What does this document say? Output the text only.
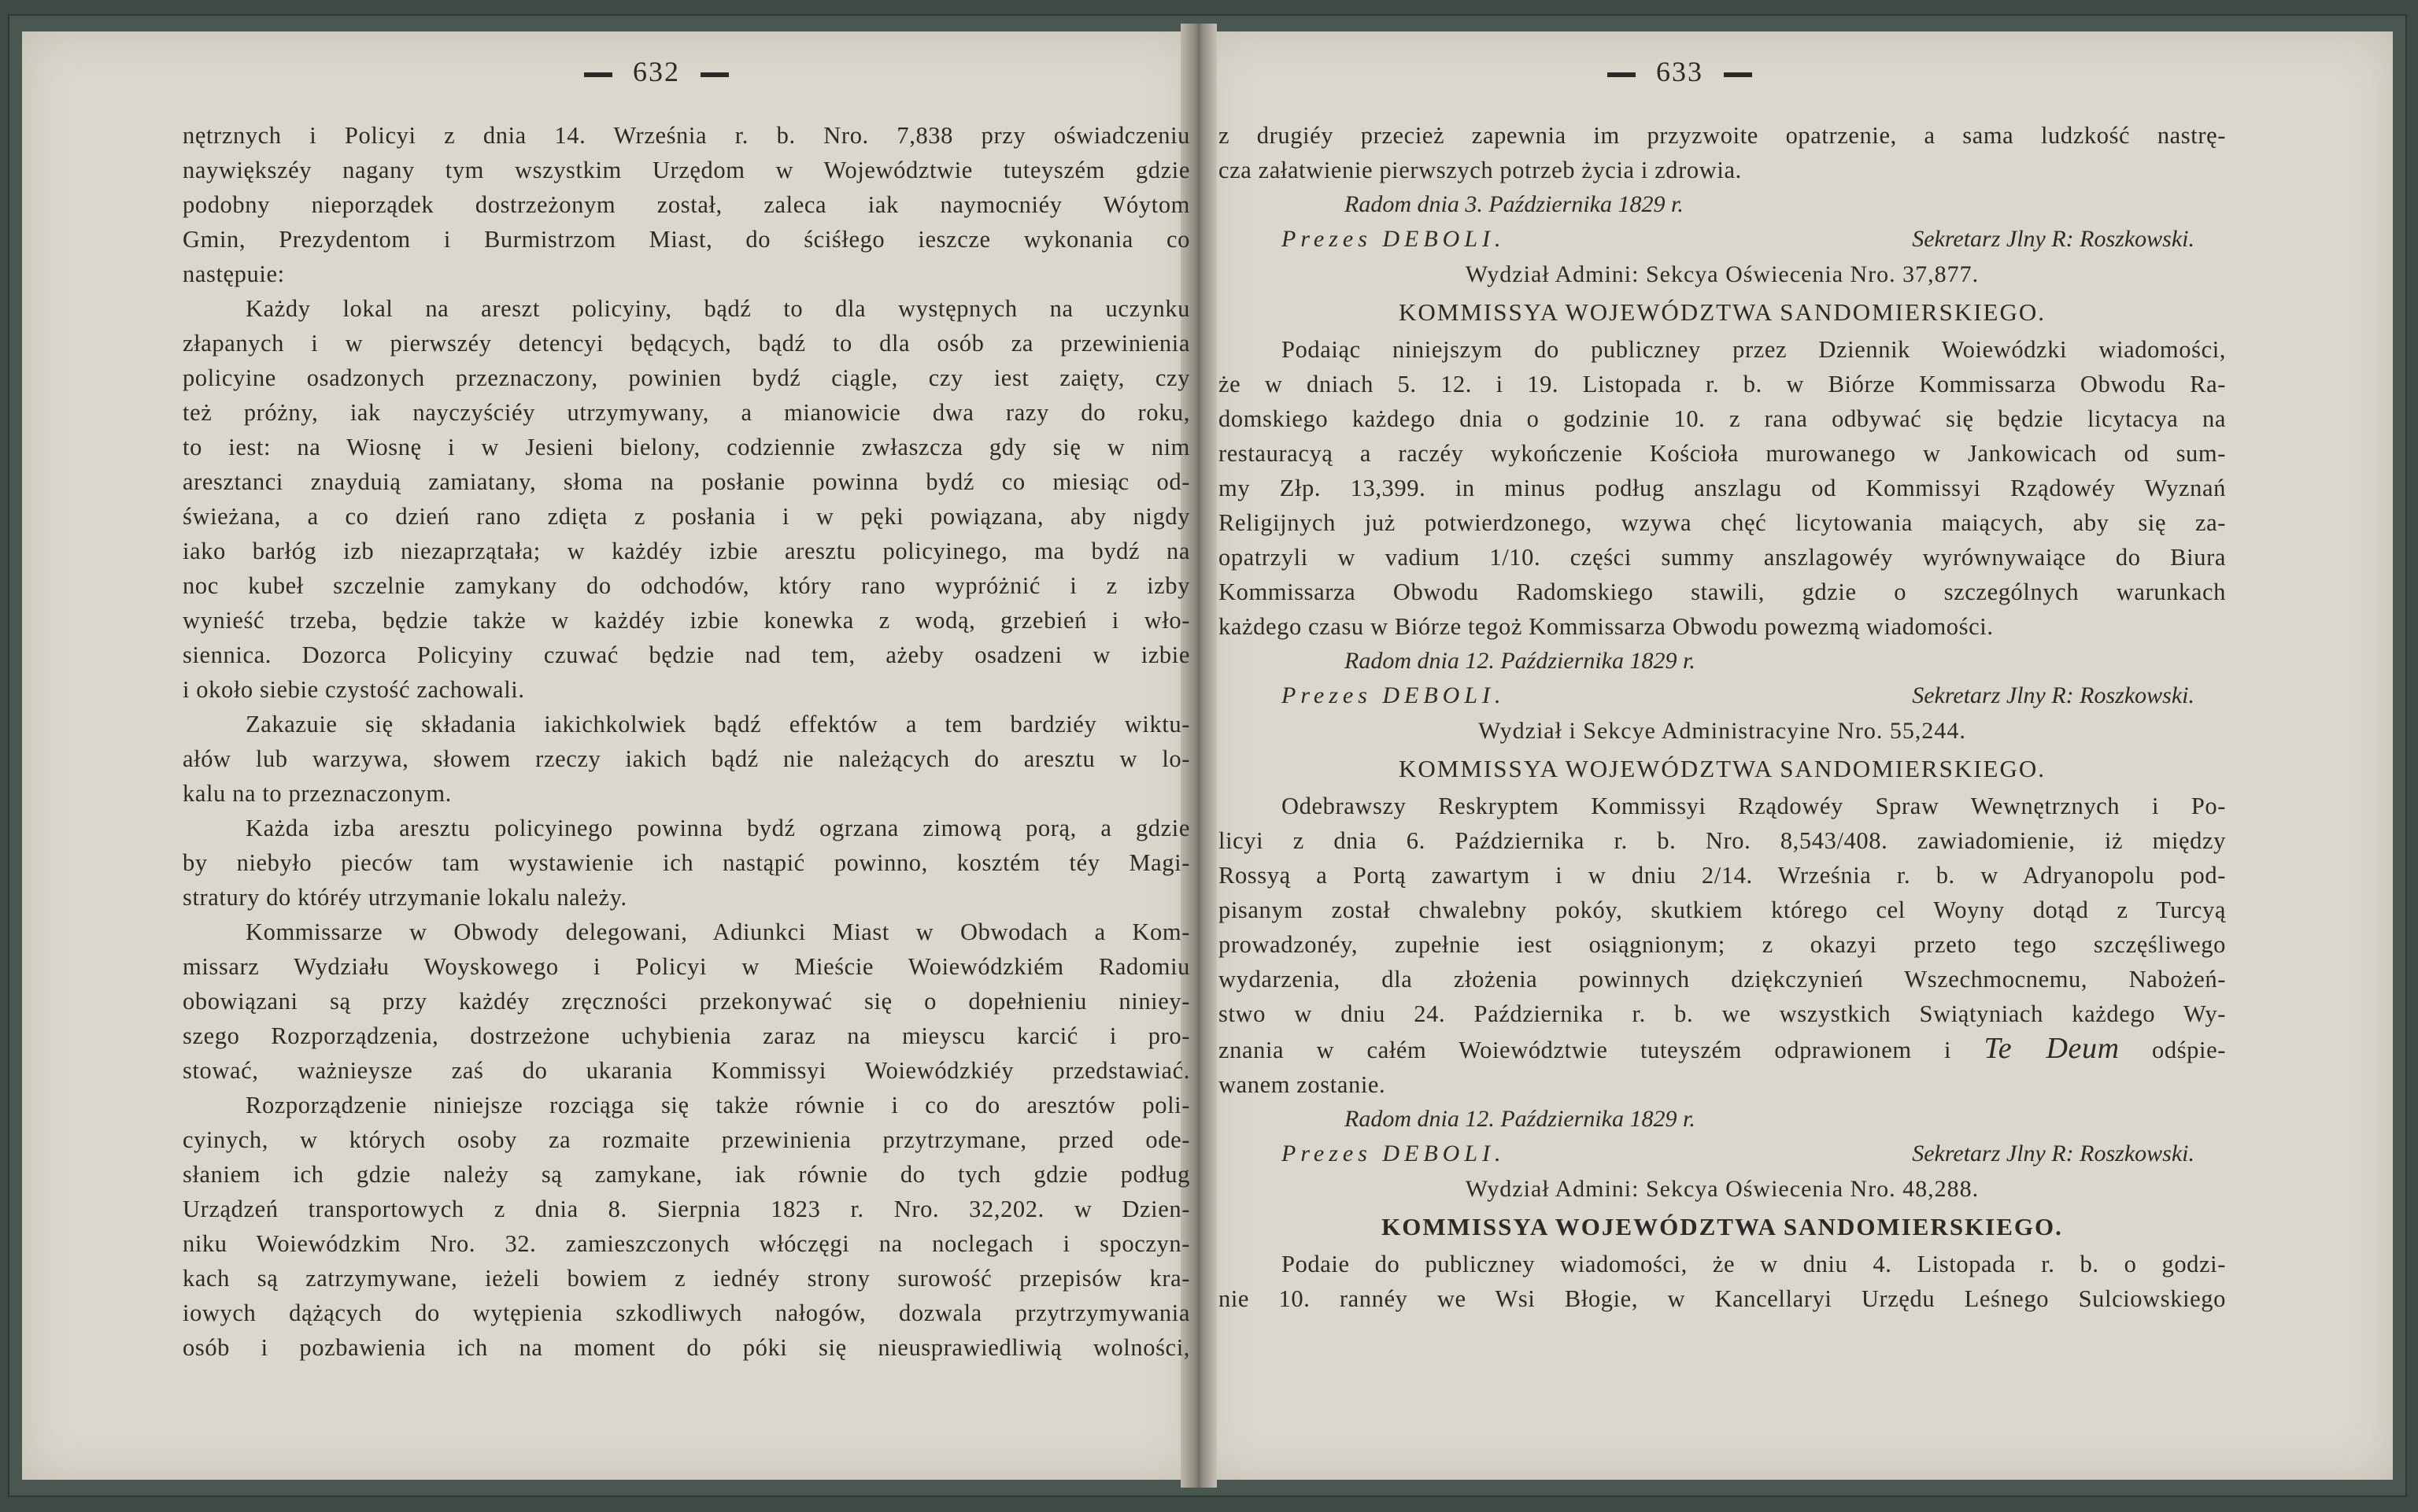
632	633

nętrznych i Policyi z dnia 14. Września r. b. Nro. 7,838 przy oświadczeniu

naywiększéy nagany tym wszystkim Urzędom w Województwie tuteyszém gdzie

podobny nieporządek dostrzeżonym został, zaleca iak naymocniéy Wóytom

Gmin, Prezydentom i Burmistrzom Miast, do ściśłego ieszcze wykonania co

następuie:

Każdy lokal na areszt policyiny, bądź to dla występnych na uczynku

złapanych i w pierwszéy detencyi będących, bądź to dla osób za przewinienia

policyine osadzonych przeznaczony, powinien bydź ciągle, czy iest zaięty, czy

też próżny, iak nayczyściéy utrzymywany, a mianowicie dwa razy do roku,

to iest: na Wiosnę i w Jesieni bielony, codziennie zwłaszcza gdy się w nim

aresztanci znayduią zamiatany, słoma na posłanie powinna bydź co miesiąc od-

świeżana, a co dzień rano zdięta z posłania i w pęki powiązana, aby nigdy

iako barłóg izb niezaprzątała; w każdéy izbie aresztu policyinego, ma bydź na

noc kubeł szczelnie zamykany do odchodów, który rano wypróżnić i z izby

wynieść trzeba, będzie także w każdéy izbie konewka z wodą, grzebień i wło-

siennica. Dozorca Policyiny czuwać będzie nad tem, ażeby osadzeni w izbie

i około siebie czystość zachowali.

Zakazuie się składania iakichkolwiek bądź effektów a tem bardziéy wiktu-

ałów lub warzywa, słowem rzeczy iakich bądź nie należących do aresztu w lo-

kalu na to przeznaczonym.

Każda izba aresztu policyinego powinna bydź ogrzana zimową porą, a gdzie

by niebyło pieców tam wystawienie ich nastąpić powinno, kosztém téy Magi-

stratury do któréy utrzymanie lokalu należy.

Kommissarze w Obwody delegowani, Adiunkci Miast w Obwodach a Kom-

missarz Wydziału Woyskowego i Policyi w Mieście Woiewódzkiém Radomiu

obowiązani są przy każdéy zręczności przekonywać się o dopełnieniu niniey-

szego Rozporządzenia, dostrzeżone uchybienia zaraz na mieyscu karcić i pro-

stować, ważnieysze zaś do ukarania Kommissyi Woiewódzkiéy przedstawiać.

Rozporządzenie niniejsze rozciąga się także równie i co do aresztów poli-

cyinych, w których osoby za rozmaite przewinienia przytrzymane, przed ode-

słaniem ich gdzie należy są zamykane, iak równie do tych gdzie podług

Urządzeń transportowych z dnia 8. Sierpnia 1823 r. Nro. 32,202. w Dzien-

niku Woiewódzkim Nro. 32. zamieszczonych włóczęgi na noclegach i spoczyn-

kach są zatrzymywane, ieżeli bowiem z iednéy strony surowość przepisów kra-

iowych dążących do wytępienia szkodliwych nałogów, dozwala przytrzymywania

osób i pozbawienia ich na moment do póki się nieusprawiedliwią wolności,

z drugiéy przecież zapewnia im przyzwoite opatrzenie, a sama ludzkość nastrę-

cza załatwienie pierwszych potrzeb życia i zdrowia.

Radom dnia 3. Października 1829 r.
Prezes DEBOLI.	Sekretarz Jlny R: Roszkowski.
Wydział Admini: Sekcya Oświecenia Nro. 37,877.
KOMMISSYA WOJEWÓDZTWA SANDOMIERSKIEGO.

Podaiąc niniejszym do publiczney przez Dziennik Woiewódzki wiadomości,

że w dniach 5. 12. i 19. Listopada r. b. w Biórze Kommissarza Obwodu Ra-

domskiego każdego dnia o godzinie 10. z rana odbywać się będzie licytacya na

restauracyą a raczéy wykończenie Kościoła murowanego w Jankowicach od sum-

my Złp. 13,399. in minus podług anszlagu od Kommissyi Rządowéy Wyznań

Religijnych już potwierdzonego, wzywa chęć licytowania maiących, aby się za-

opatrzyli w vadium 1/10. części summy anszlagowéy wyrównywaiące do Biura

Kommissarza Obwodu Radomskiego stawili, gdzie o szczególnych warunkach

każdego czasu w Biórze tegoż Kommissarza Obwodu powezmą wiadomości.

Radom dnia 12. Października 1829 r.
Prezes DEBOLI.	Sekretarz Jlny R: Roszkowski.
Wydział i Sekcye Administracyine Nro. 55,244.
KOMMISSYA WOJEWÓDZTWA SANDOMIERSKIEGO.

Odebrawszy Reskryptem Kommissyi Rządowéy Spraw Wewnętrznych i Po-

licyi z dnia 6. Października r. b. Nro. 8,543/408. zawiadomienie, iż między

Rossyą a Portą zawartym i w dniu 2/14. Września r. b. w Adryanopolu pod-

pisanym został chwalebny pokóy, skutkiem którego cel Woyny dotąd z Turcyą

prowadzonéy, zupełnie iest osiągnionym; z okazyi przeto tego szczęśliwego

wydarzenia, dla złożenia powinnych dziękczynień Wszechmocnemu, Nabożeń-

stwo w dniu 24. Października r. b. we wszystkich Swiątyniach każdego Wy-

znania w całém Woiewództwie tuteyszém odprawionem i Te Deum odśpie-

wanem zostanie.

Radom dnia 12. Października 1829 r.
Prezes DEBOLI.	Sekretarz Jlny R: Roszkowski.
Wydział Admini: Sekcya Oświecenia Nro. 48,288.
KOMMISSYA WOJEWÓDZTWA SANDOMIERSKIEGO.

Podaie do publiczney wiadomości, że w dniu 4. Listopada r. b. o godzi-

nie 10. rannéy we Wsi Błogie, w Kancellaryi Urzędu Leśnego Sulciowskiego
